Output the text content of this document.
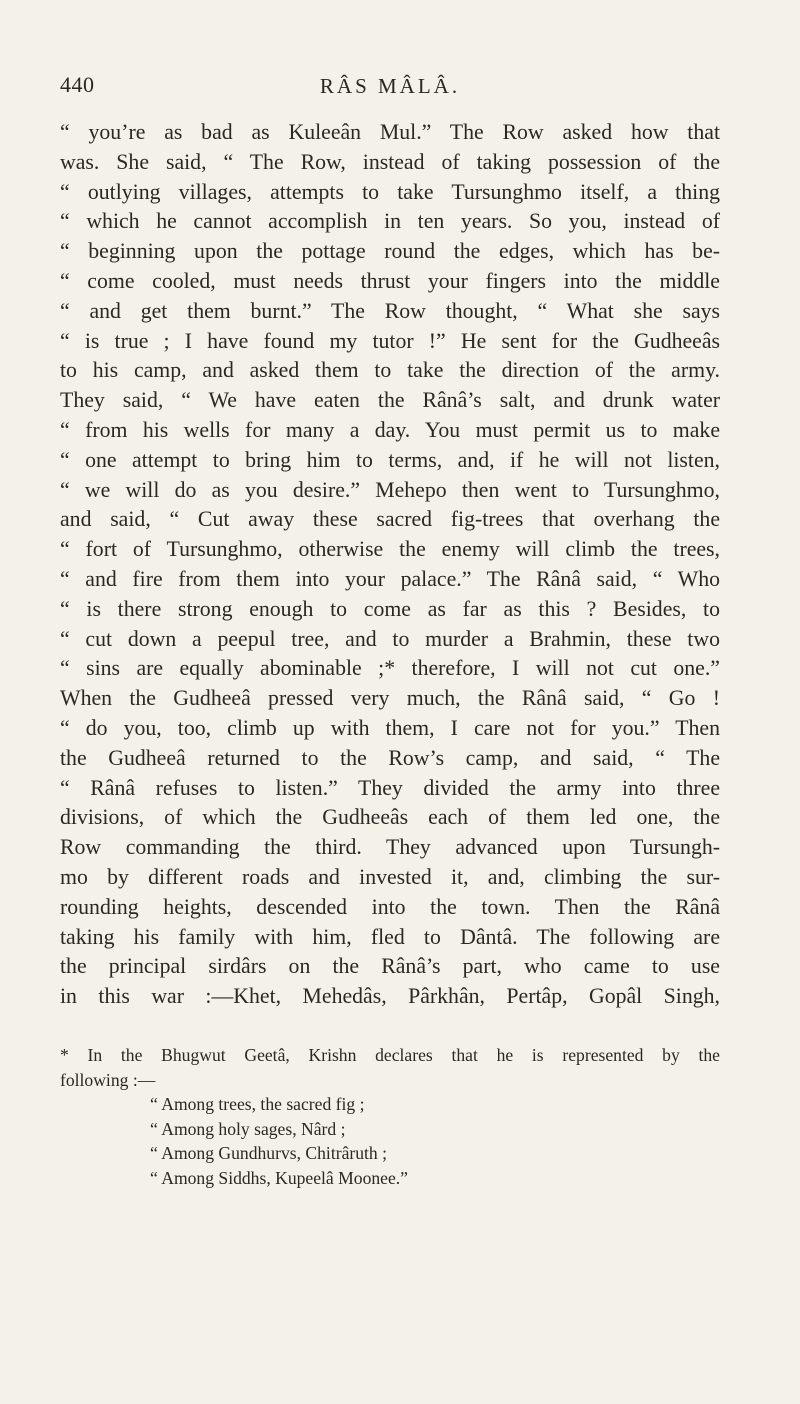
440	RÂS MÂLÂ.
“ you’re as bad as Kuleeân Mul.” The Row asked how that
was. She said, “ The Row, instead of taking possession of the
“ outlying villages, attempts to take Tursunghmo itself, a thing
“ which he cannot accomplish in ten years. So you, instead of
“ beginning upon the pottage round the edges, which has be-
“ come cooled, must needs thrust your fingers into the middle
“ and get them burnt.” The Row thought, “ What she says
“ is true ; I have found my tutor !” He sent for the Gudheeâs
to his camp, and asked them to take the direction of the army.
They said, “ We have eaten the Rânâ’s salt, and drunk water
“ from his wells for many a day. You must permit us to make
“ one attempt to bring him to terms, and, if he will not listen,
“ we will do as you desire.” Mehepo then went to Tursunghmo,
and said, “ Cut away these sacred fig-trees that overhang the
“ fort of Tursunghmo, otherwise the enemy will climb the trees,
“ and fire from them into your palace.” The Rânâ said, “ Who
“ is there strong enough to come as far as this ? Besides, to
“ cut down a peepul tree, and to murder a Brahmin, these two
“ sins are equally abominable ;* therefore, I will not cut one.”
When the Gudheeâ pressed very much, the Rânâ said, “ Go !
“ do you, too, climb up with them, I care not for you.” Then
the Gudheeâ returned to the Row’s camp, and said, “ The
“ Rânâ refuses to listen.” They divided the army into three
divisions, of which the Gudheeâs each of them led one, the
Row commanding the third. They advanced upon Tursungh-
mo by different roads and invested it, and, climbing the sur-
rounding heights, descended into the town. Then the Rânâ
taking his family with him, fled to Dântâ. The following are
the principal sirdârs on the Rânâ’s part, who came to use
in this war :—Khet, Mehedâs, Pârkhân, Pertâp, Gopâl Singh,
* In the Bhugwut Geetâ, Krishn declares that he is represented by the
following :—
“ Among trees, the sacred fig ;
“ Among holy sages, Nârd ;
“ Among Gundhurvs, Chitrâruth ;
“ Among Siddhs, Kupeelâ Moonee.”
